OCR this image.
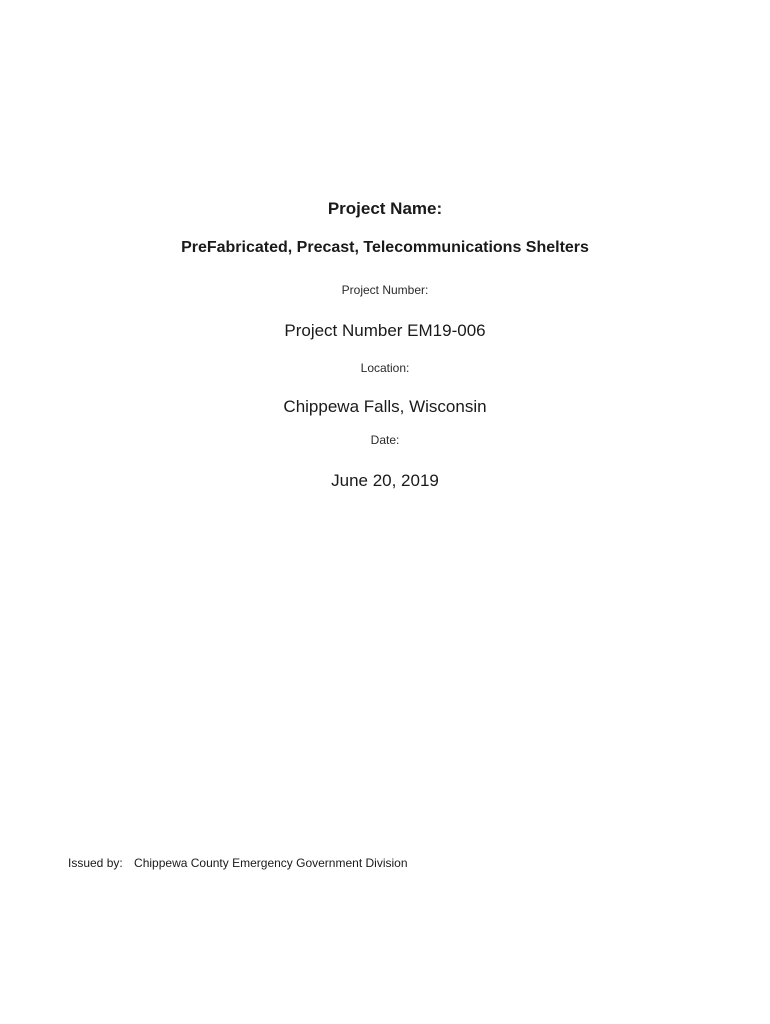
Project Name:
PreFabricated, Precast, Telecommunications Shelters
Project Number:
Project Number EM19-006
Location:
Chippewa Falls, Wisconsin
Date:
June 20, 2019
Issued by: Chippewa County Emergency Government Division
